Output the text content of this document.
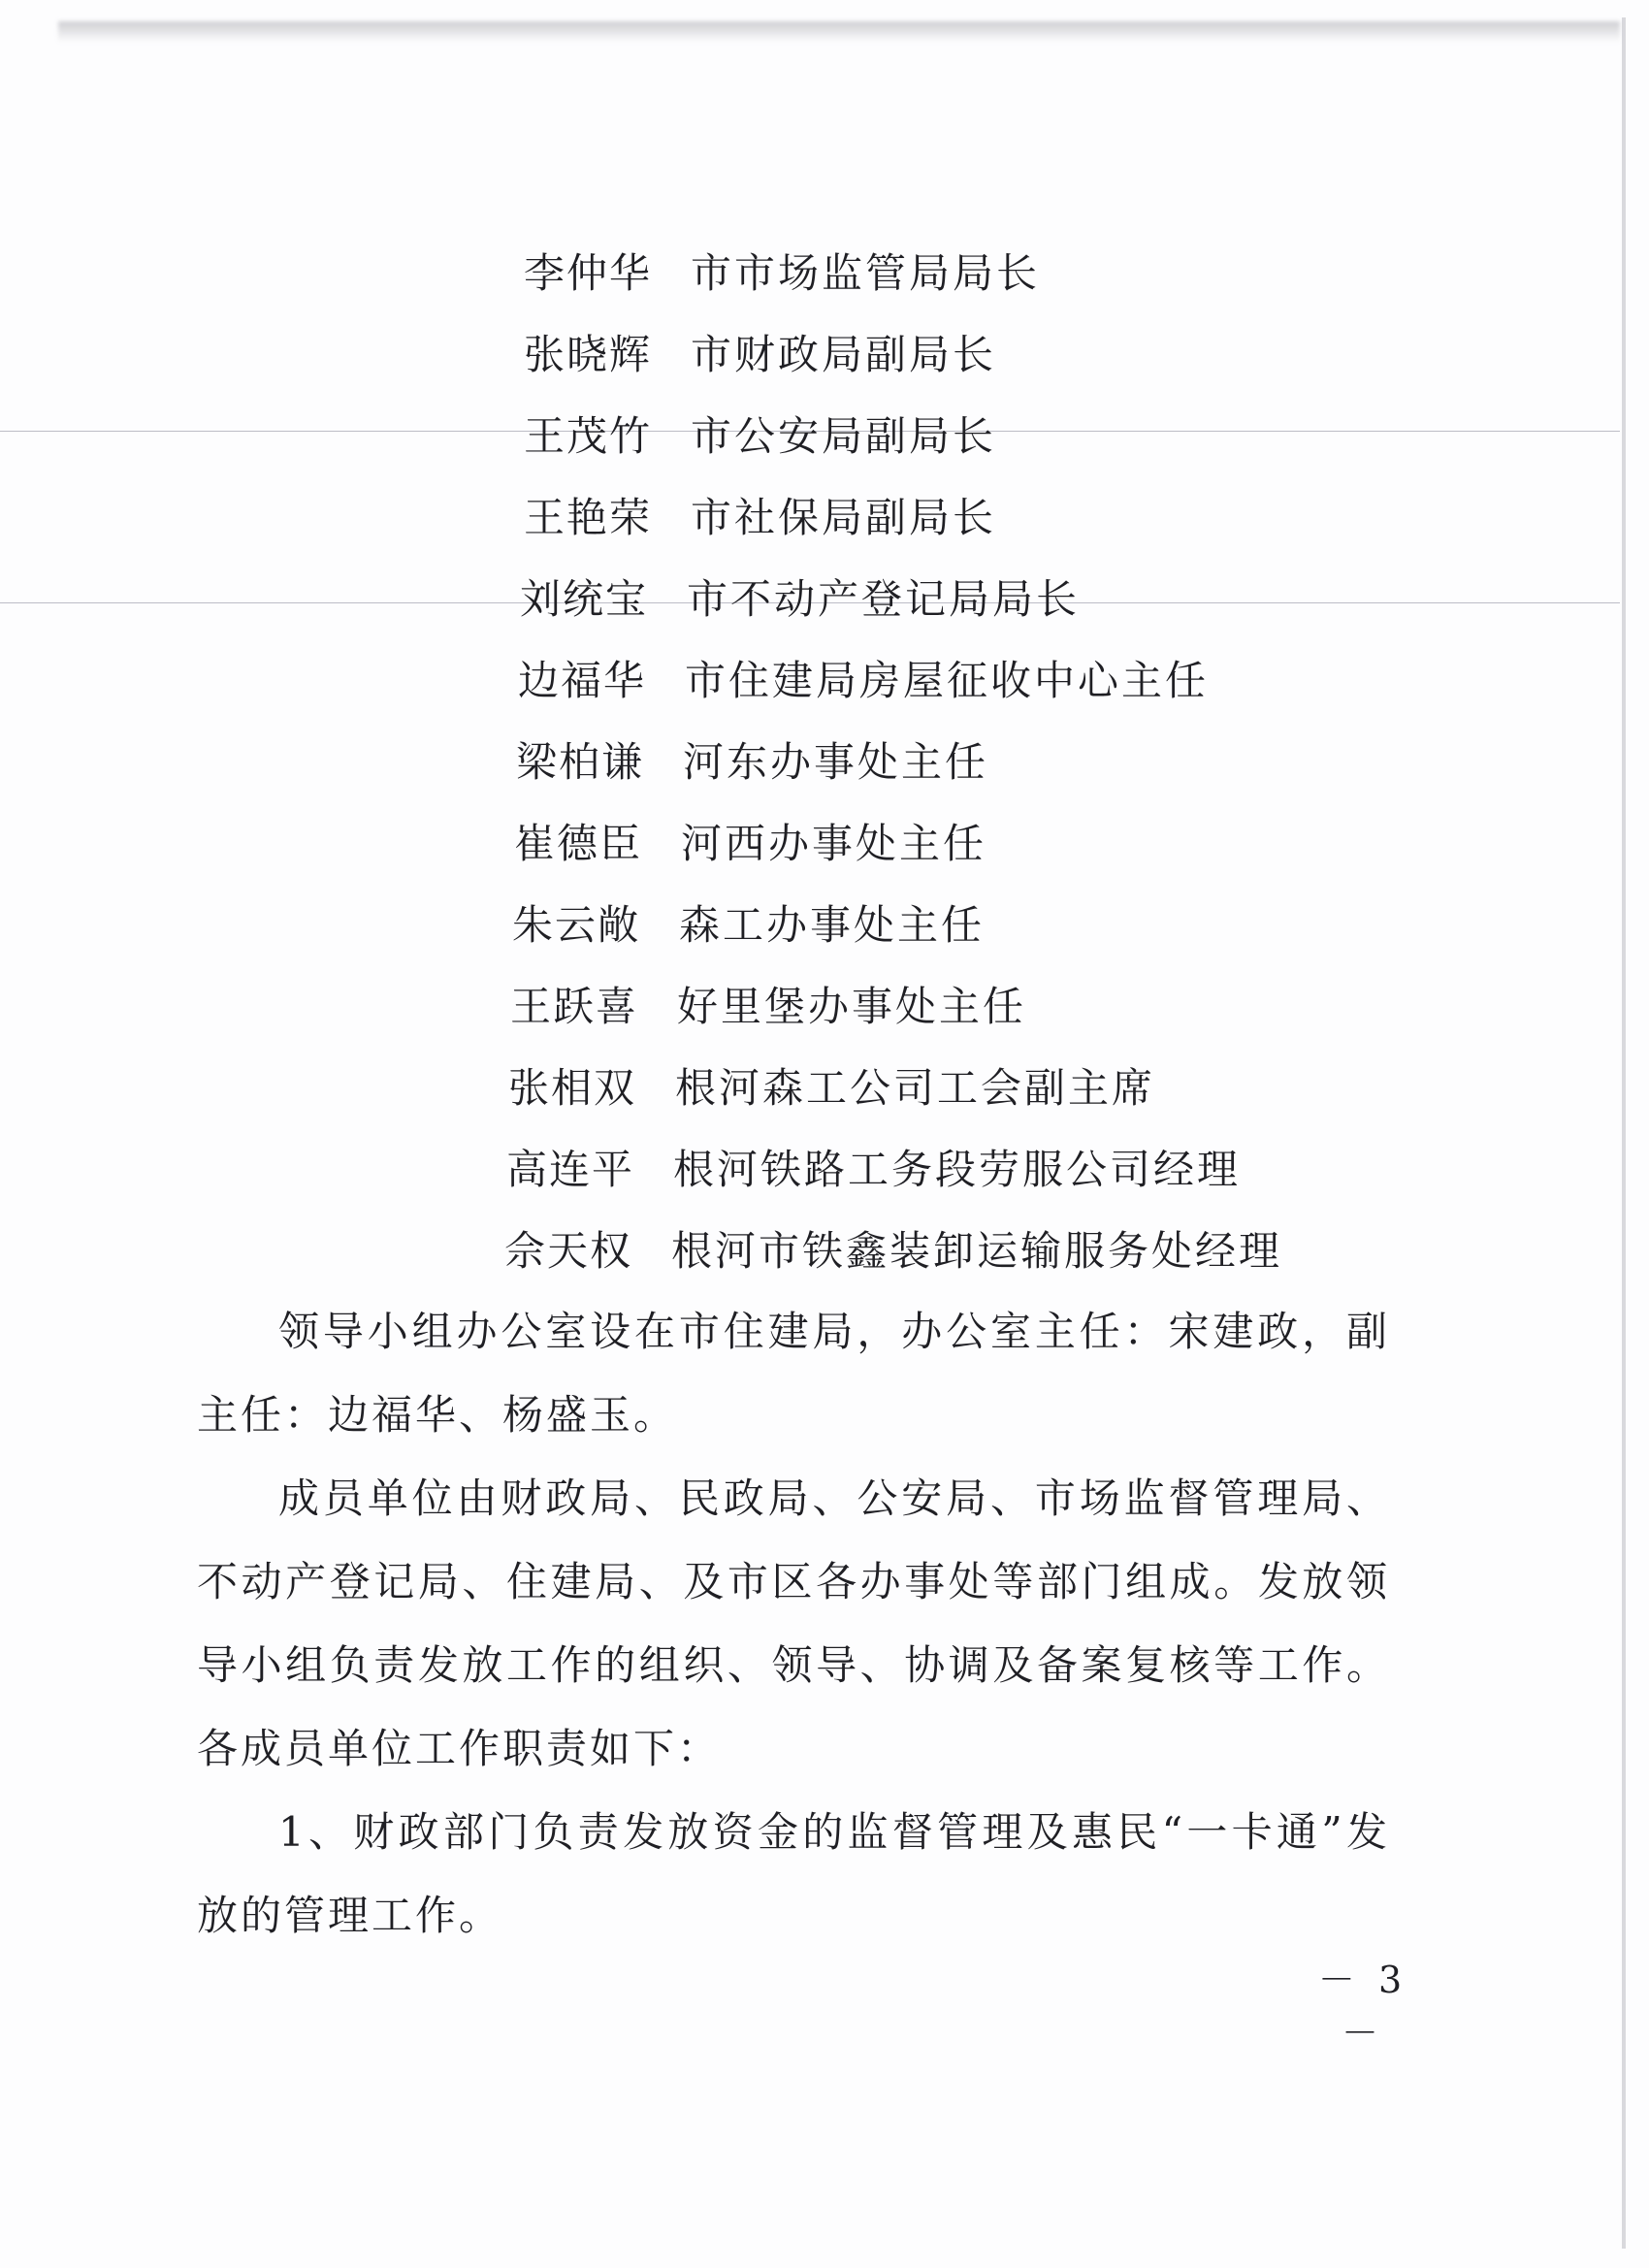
李仲华 市市场监管局局长
张晓辉 市财政局副局长
王茂竹 市公安局副局长
王艳荣 市社保局副局长
刘统宝 市不动产登记局局长
边福华 市住建局房屋征收中心主任
梁柏谦 河东办事处主任
崔德臣 河西办事处主任
朱云敞 森工办事处主任
王跃喜 好里堡办事处主任
张相双 根河森工公司工会副主席
高连平 根河铁路工务段劳服公司经理
佘天权 根河市铁鑫装卸运输服务处经理

领导小组办公室设在市住建局，办公室主任：宋建政，副主任：边福华、杨盛玉。

成员单位由财政局、民政局、公安局、市场监督管理局、不动产登记局、住建局、及市区各办事处等部门组成。发放领导小组负责发放工作的组织、领导、协调及备案复核等工作。各成员单位工作职责如下：

1、财政部门负责发放资金的监督管理及惠民“一卡通”发放的管理工作。

－ 3 －
